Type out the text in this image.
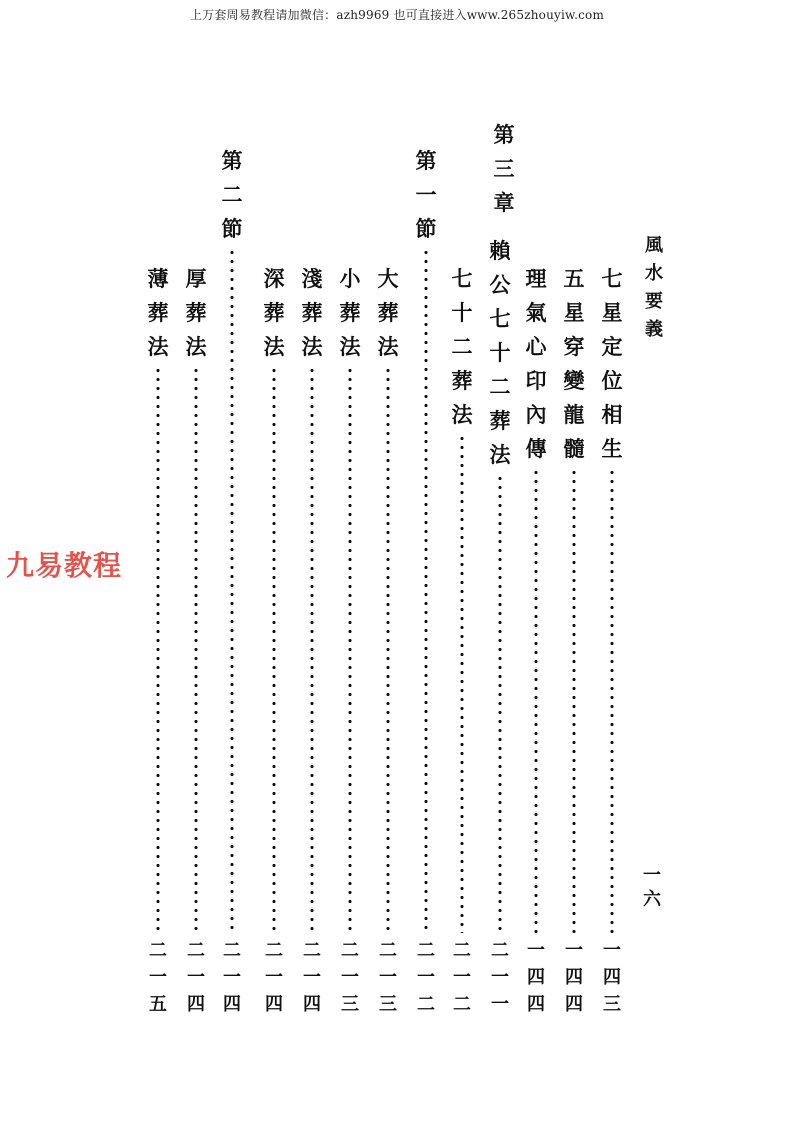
上万套周易教程请加微信：azh9969 也可直接进入www.265zhouyiw.com
風
水
要
義
一
六
九易教程
七
星
定
位
相
生
一
四
三
五
星
穿
變
龍
髓
一
四
四
理
氣
心
印
內
傳
一
四
四
第
三
章
賴
公
七
十
二
葬
法
二
一
一
七
十
二
葬
法
二
一
二
第
一
節
二
一
二
大
葬
法
二
一
三
小
葬
法
二
一
三
淺
葬
法
二
一
四
深
葬
法
二
一
四
第
二
節
二
一
四
厚
葬
法
二
一
四
薄
葬
法
二
一
五
